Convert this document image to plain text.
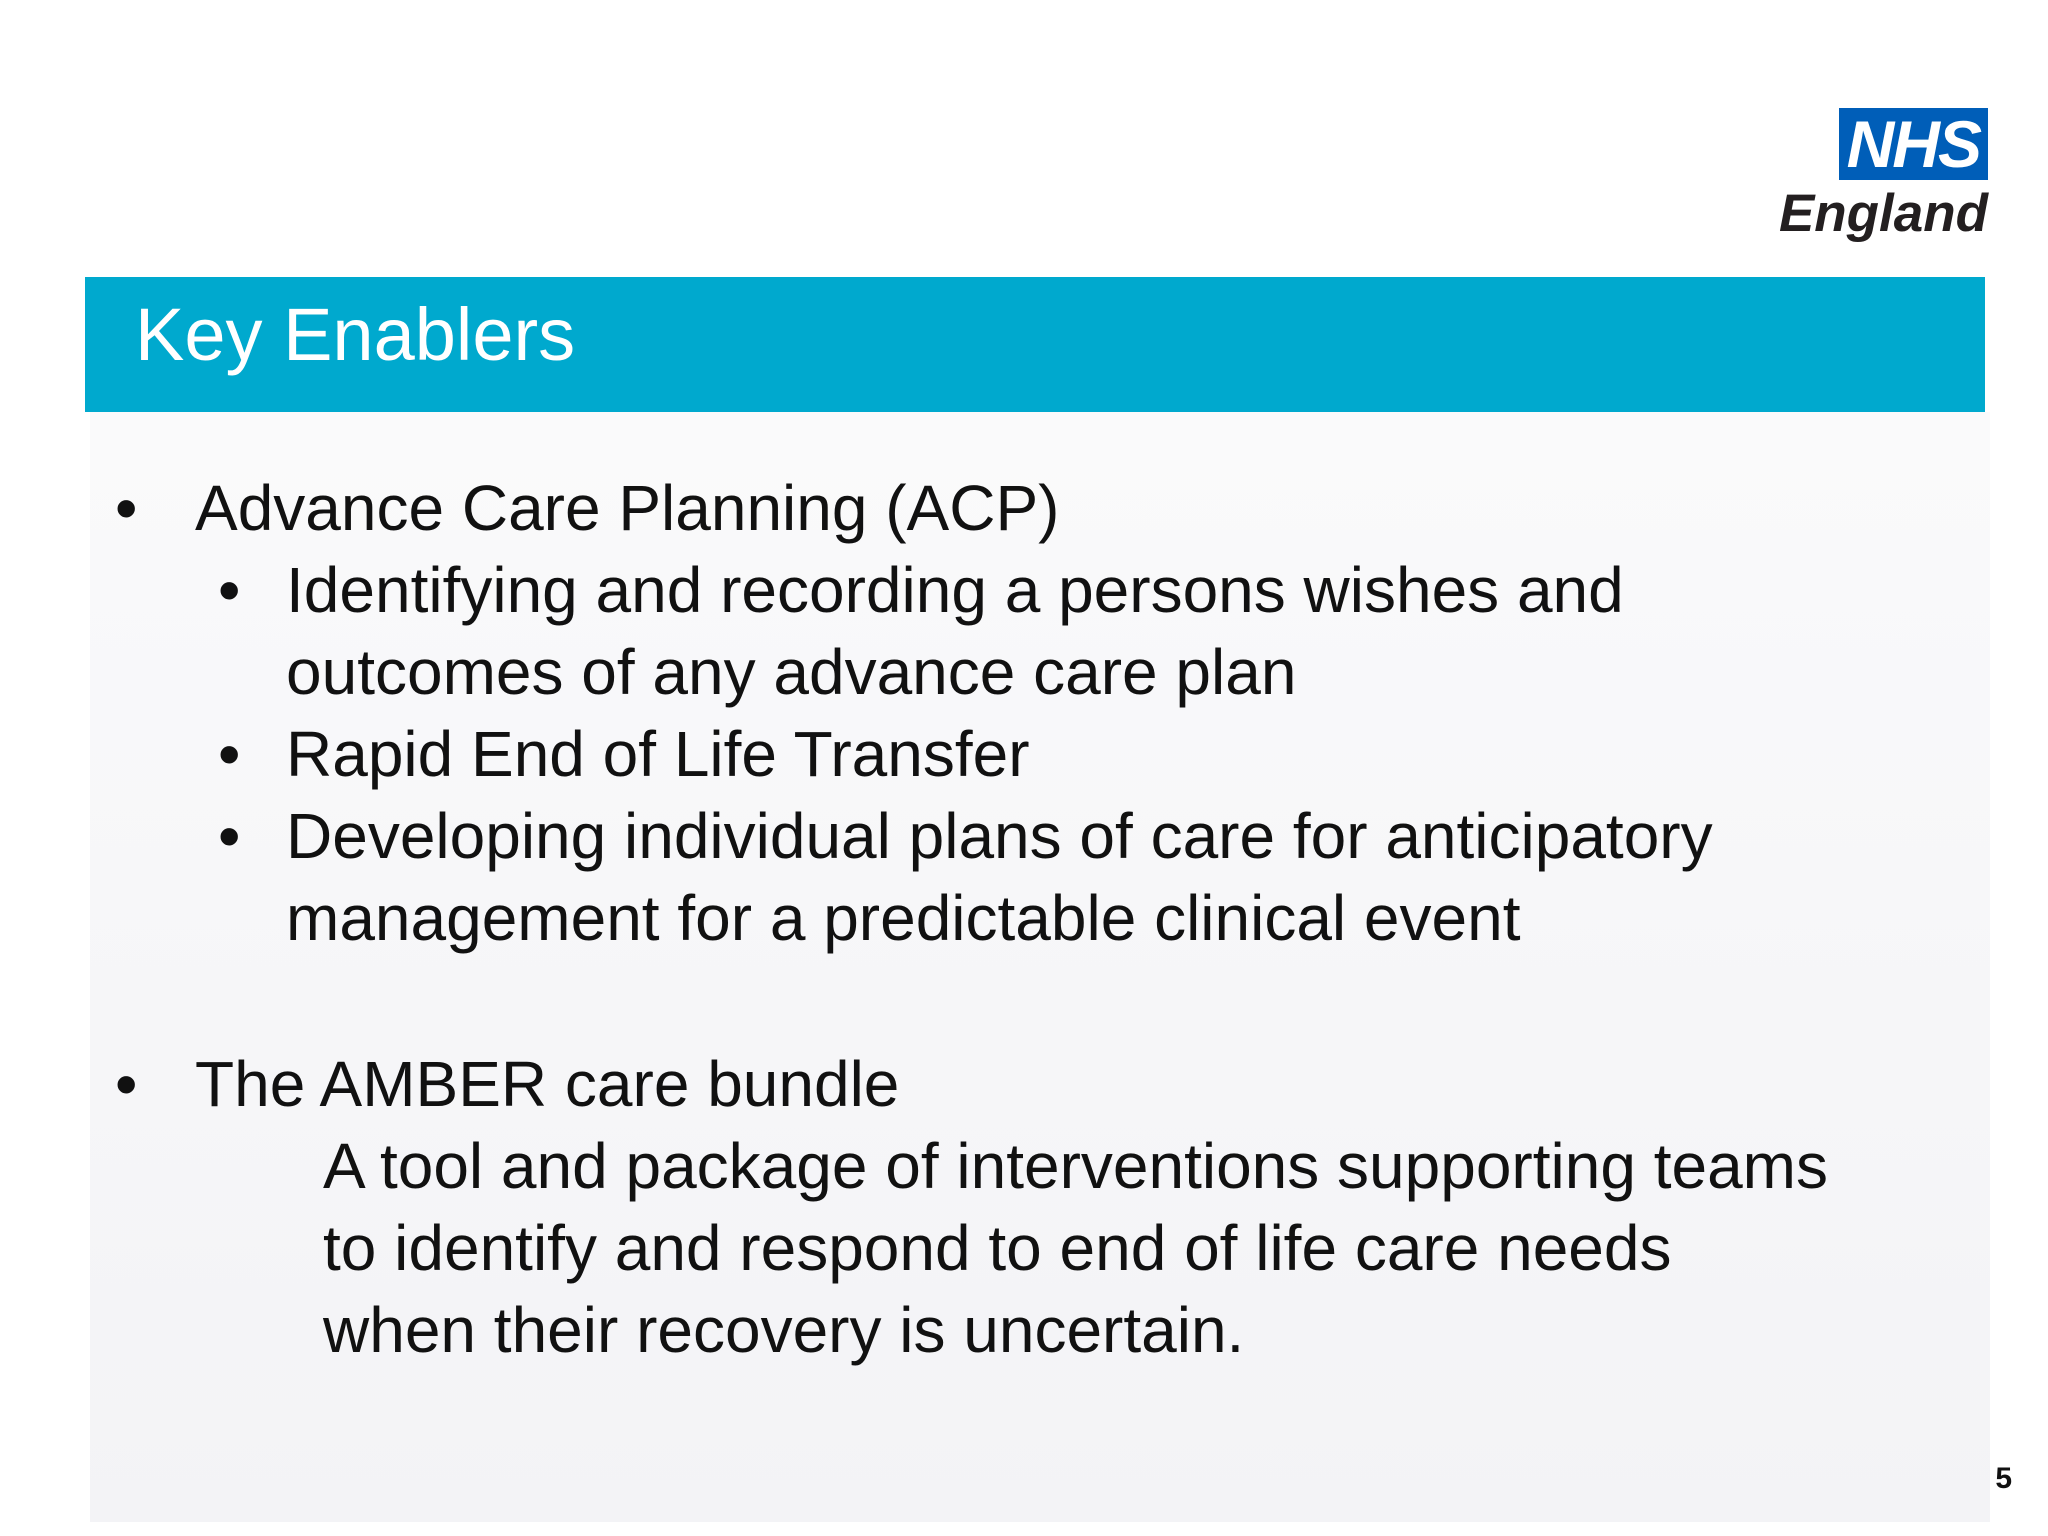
NHS
England
Key Enablers
• Advance Care Planning (ACP)
• Identifying and recording a persons wishes and
outcomes of any advance care plan
• Rapid End of Life Transfer
• Developing individual plans of care for anticipatory
management for a predictable clinical event
• The AMBER care bundle
A tool and package of interventions supporting teams
to identify and respond to end of life care needs
when their recovery is uncertain.
5
